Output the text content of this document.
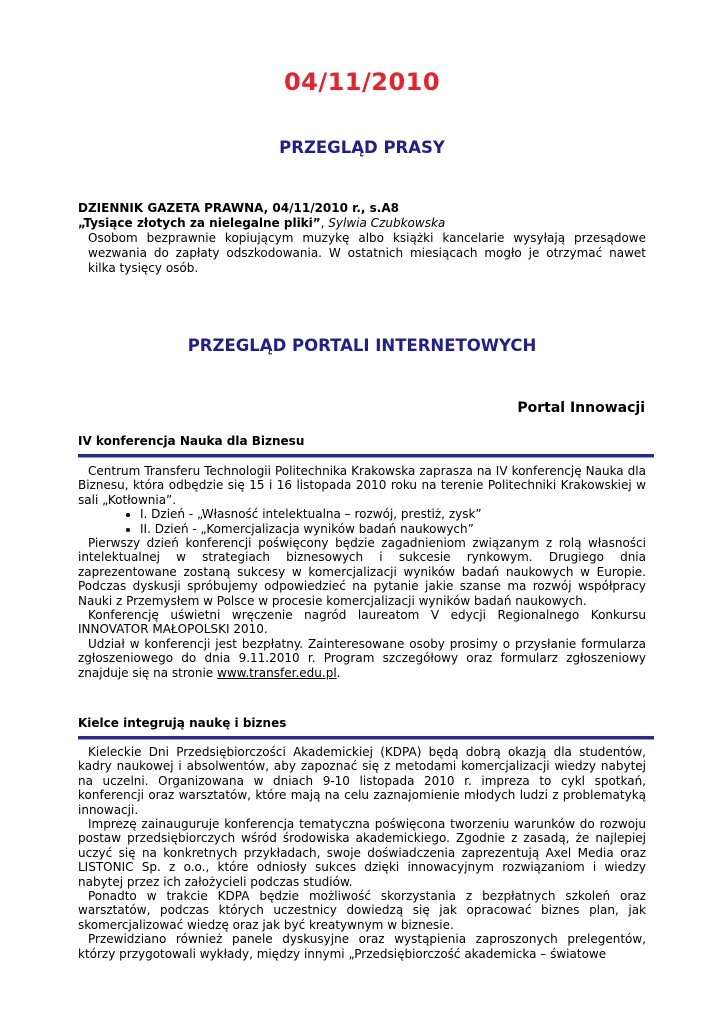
04/11/2010
PRZEGLĄD PRASY
DZIENNIK GAZETA PRAWNA, 04/11/2010 r., s.A8
„Tysiące złotych za nielegalne pliki”, Sylwia Czubkowska
Osobom bezprawnie kopiującym muzykę albo książki kancelarie wysyłają przesądowe wezwania do zapłaty odszkodowania. W ostatnich miesiącach mogło je otrzymać nawet kilka tysięcy osób.
PRZEGLĄD PORTALI INTERNETOWYCH
Portal Innowacji
IV konferencja Nauka dla Biznesu

Centrum Transferu Technologii Politechnika Krakowska zaprasza na IV konferencję Nauka dla Biznesu, która odbędzie się 15 i 16 listopada 2010 roku na terenie Politechniki Krakowskiej w sali „Kotłownia”.

• I. Dzień - „Własność intelektualna – rozwój, prestiż, zysk”
• II. Dzień - „Komercjalizacja wyników badań naukowych”

Pierwszy dzień konferencji poświęcony będzie zagadnieniom związanym z rolą własności intelektualnej w strategiach biznesowych i sukcesie rynkowym. Drugiego dnia zaprezentowane zostaną sukcesy w komercjalizacji wyników badań naukowych w Europie. Podczas dyskusji spróbujemy odpowiedzieć na pytanie jakie szanse ma rozwój współpracy Nauki z Przemysłem w Polsce w procesie komercjalizacji wyników badań naukowych.

Konferencję uświetni wręczenie nagród laureatom V edycji Regionalnego Konkursu INNOVATOR MAŁOPOLSKI 2010.

Udział w konferencji jest bezpłatny. Zainteresowane osoby prosimy o przysłanie formularza zgłoszeniowego do dnia 9.11.2010 r. Program szczegółowy oraz formularz zgłoszeniowy znajduje się na stronie www.transfer.edu.pl.

Kielce integrują naukę i biznes

Kieleckie Dni Przedsiębiorczości Akademickiej (KDPA) będą dobrą okazją dla studentów, kadry naukowej i absolwentów, aby zapoznać się z metodami komercjalizacji wiedzy nabytej na uczelni. Organizowana w dniach 9-10 listopada 2010 r. impreza to cykl spotkań, konferencji oraz warsztatów, które mają na celu zaznajomienie młodych ludzi z problematyką innowacji.

Imprezę zainauguruje konferencja tematyczna poświęcona tworzeniu warunków do rozwoju postaw przedsiębiorczych wśród środowiska akademickiego. Zgodnie z zasadą, że najlepiej uczyć się na konkretnych przykładach, swoje doświadczenia zaprezentują Axel Media oraz LISTONIC Sp. z o.o., które odniosły sukces dzięki innowacyjnym rozwiązaniom i wiedzy nabytej przez ich założycieli podczas studiów.

Ponadto w trakcie KDPA będzie możliwość skorzystania z bezpłatnych szkoleń oraz warsztatów, podczas których uczestnicy dowiedzą się jak opracować biznes plan, jak skomercjalizować wiedzę oraz jak być kreatywnym w biznesie.

Przewidziano również panele dyskusyjne oraz wystąpienia zaproszonych prelegentów, którzy przygotowali wykłady, między innymi „Przedsiębiorczość akademicka – światowe
